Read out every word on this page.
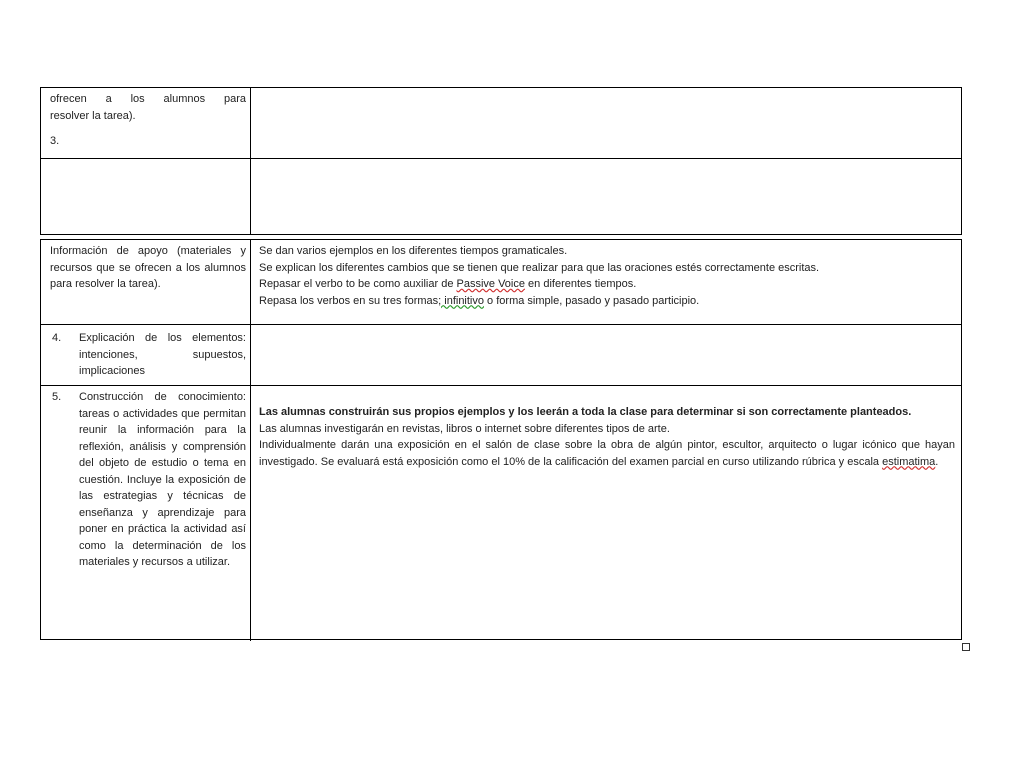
ofrecen a los alumnos para
resolver la tarea).
3.
Información de apoyo (materiales y recursos que se ofrecen a los alumnos para resolver la tarea).

Se dan varios ejemplos en los diferentes tiempos gramaticales.

Se explican los diferentes cambios que se tienen que realizar para que las oraciones estés correctamente escritas.

Repasar el verbo to be como auxiliar de Passive Voice en diferentes tiempos.

Repasa los verbos en su tres formas; infinitivo o forma simple, pasado y pasado participio.

4.	Explicación de los elementos: intenciones, supuestos, implicaciones
5.	Construcción de conocimiento: tareas o actividades que permitan reunir la información para la reflexión, análisis y comprensión del objeto de estudio o tema en cuestión. Incluye la exposición de las estrategias y técnicas de enseñanza y aprendizaje para poner en práctica la actividad así como la determinación de los materiales y recursos a utilizar.

Las alumnas construirán sus propios ejemplos y los leerán a toda la clase para determinar si son correctamente planteados.

Las alumnas investigarán en revistas, libros o internet sobre diferentes tipos de arte.

Individualmente darán una exposición en el salón de clase sobre la obra de algún pintor, escultor, arquitecto o lugar icónico que hayan investigado. Se evaluará está exposición como el 10% de la calificación del examen parcial en curso utilizando rúbrica y escala estimatima.
